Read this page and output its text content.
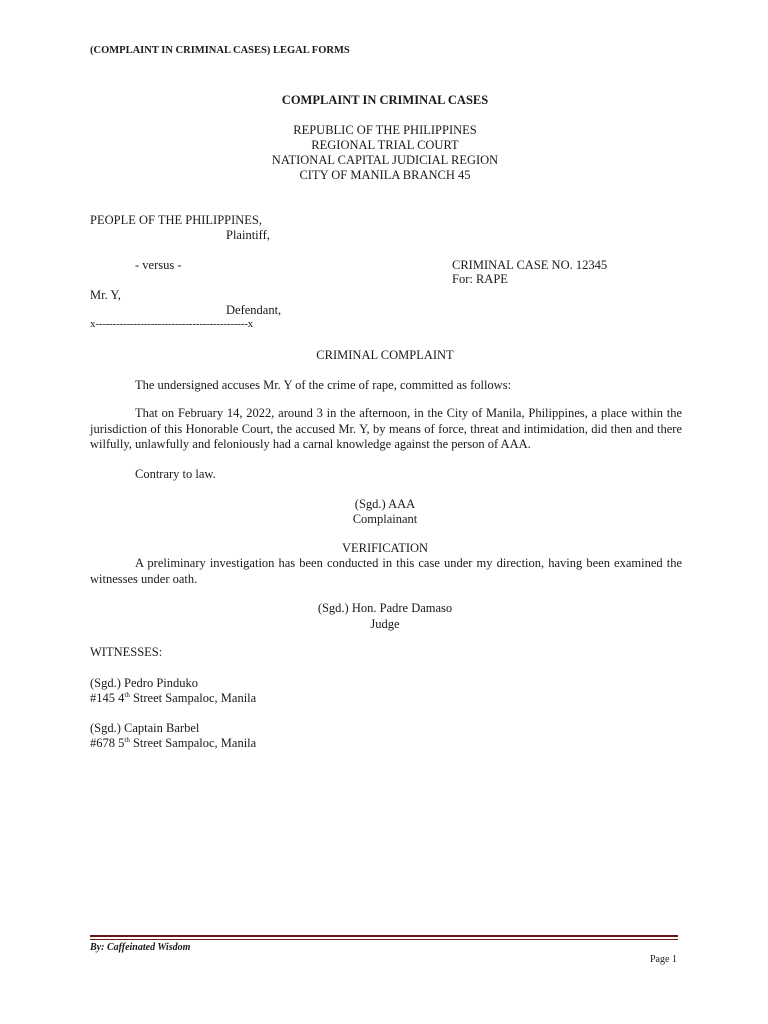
(COMPLAINT IN CRIMINAL CASES) LEGAL FORMS
COMPLAINT IN CRIMINAL CASES
REPUBLIC OF THE PHILIPPINES
REGIONAL TRIAL COURT
NATIONAL CAPITAL JUDICIAL REGION
CITY OF MANILA BRANCH 45
PEOPLE OF THE PHILIPPINES,
Plaintiff,
- versus -	CRIMINAL CASE NO. 12345
For: RAPE
Mr. Y,
Defendant,
x--------------------------------------------x
CRIMINAL COMPLAINT
The undersigned accuses Mr. Y of the crime of rape, committed as follows:
That on February 14, 2022, around 3 in the afternoon, in the City of Manila, Philippines, a place within the jurisdiction of this Honorable Court, the accused Mr. Y, by means of force, threat and intimidation, did then and there wilfully, unlawfully and feloniously had a carnal knowledge against the person of AAA.
Contrary to law.
(Sgd.) AAA
Complainant
VERIFICATION
A preliminary investigation has been conducted in this case under my direction, having been examined the witnesses under oath.
(Sgd.) Hon. Padre Damaso
Judge
WITNESSES:
(Sgd.) Pedro Pinduko
#145 4th Street Sampaloc, Manila
(Sgd.) Captain Barbel
#678 5th Street Sampaloc, Manila
By: Caffeinated Wisdom
Page 1
